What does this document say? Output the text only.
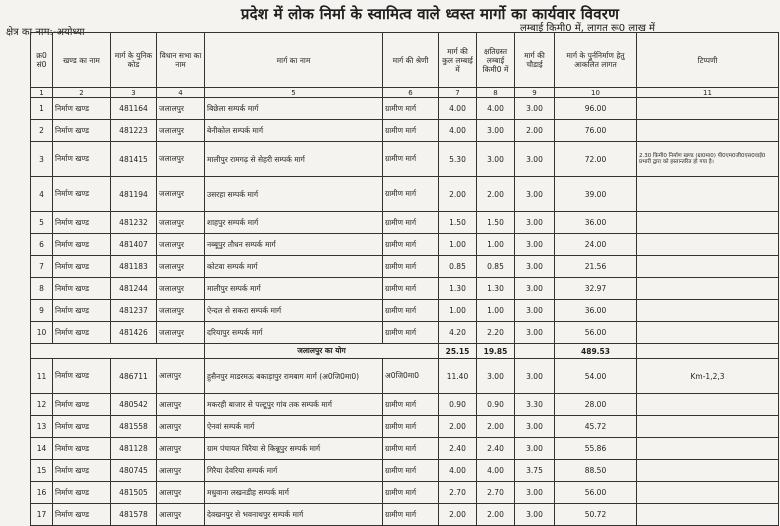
प्रदेश में लोक निर्मा के स्वामित्व वाले ध्वस्त मार्गो का कार्यवार विवरण
लम्बाई किमी0 में, लागत रू0 लाख में
क्षेत्र का नाम:-अयोध्या
क्र0 सं0	खण्ड का नाम	मार्ग के युनिक कोड	विधान सभा का नाम	मार्ग का नाम	मार्ग की श्रेणी	मार्ग की कुल लम्बाई में	क्षतिग्रस्त लम्बाई किमी0 में	मार्ग की चौडाई	मार्ग के पुर्ननिर्माण हेतु आकलित लागत	टिप्पणी
1	2	3	4	5	6	7	8	9	10	11
1	निर्माण खण्ड	481164	जलालपुर	बिछेला सम्पर्क मार्ग	ग्रामीण मार्ग	4.00	4.00	3.00	96.00	
2	निर्माण खण्ड	481223	जलालपुर	बेनीकोल सम्पर्क मार्ग	ग्रामीण मार्ग	4.00	3.00	2.00	76.00	
3	निर्माण खण्ड	481415	जलालपुर	मालीपुर रामगढ़ से सेहरी सम्पर्क मार्ग	ग्रामीण मार्ग	5.30	3.00	3.00	72.00	2.30 किमी0 निर्माण खण्ड (ग्रा0मा0) पी0एम0जी0एस0वाई0 प्रभारी द्वारा को हस्तान्तरित हो गया है।
4	निर्माण खण्ड	481194	जलालपुर	उसरहा सम्पर्क मार्ग	ग्रामीण मार्ग	2.00	2.00	3.00	39.00	
5	निर्माण खण्ड	481232	जलालपुर	शाहपुर सम्पर्क मार्ग	ग्रामीण मार्ग	1.50	1.50	3.00	36.00	
6	निर्माण खण्ड	481407	जलालपुर	नब्बूपुर तौधन सम्पर्क मार्ग	ग्रामीण मार्ग	1.00	1.00	3.00	24.00	
7	निर्माण खण्ड	481183	जलालपुर	कोटवा सम्पर्क मार्ग	ग्रामीण मार्ग	0.85	0.85	3.00	21.56	
8	निर्माण खण्ड	481244	जलालपुर	मालीपुर सम्पर्क मार्ग	ग्रामीण मार्ग	1.30	1.30	3.00	32.97	
9	निर्माण खण्ड	481237	जलालपुर	ऐन्दल से सकरा सम्पर्क मार्ग	ग्रामीण मार्ग	1.00	1.00	3.00	36.00	
10	निर्माण खण्ड	481426	जलालपुर	दरियापुर सम्पर्क मार्ग	ग्रामीण मार्ग	4.20	2.20	3.00	56.00	
				जलालपुर का योग		25.15	19.85		489.53	
11	निर्माण खण्ड	486711	आलापुर	हुसैनपुर माडरमऊ बकाड़ापुर रामबाग मार्ग (अ0जि0मा0)	अ0जि0मा0	11.40	3.00	3.00	54.00	Km-1,2,3
12	निर्माण खण्ड	480542	आलापुर	मकरही बाजार से पल्टूपुर गांव तक सम्पर्क मार्ग	ग्रामीण मार्ग	0.90	0.90	3.30	28.00	
13	निर्माण खण्ड	481558	आलापुर	ऐनवां सम्पर्क मार्ग	ग्रामीण मार्ग	2.00	2.00	3.00	45.72	
14	निर्माण खण्ड	481128	आलापुर	ग्राम पंचायत चिरैया से किन्नूपुर सम्पर्क मार्ग	ग्रामीण मार्ग	2.40	2.40	3.00	55.86	
15	निर्माण खण्ड	480745	आलापुर	गिरैया देवरिया सम्पर्क मार्ग	ग्रामीण मार्ग	4.00	4.00	3.75	88.50	
16	निर्माण खण्ड	481505	आलापुर	मधुवाना लखनडीह सम्पर्क मार्ग	ग्रामीण मार्ग	2.70	2.70	3.00	56.00	
17	निर्माण खण्ड	481578	आलापुर	देवखनपुर से भवनाथपुर सम्पर्क मार्ग	ग्रामीण मार्ग	2.00	2.00	3.00	50.72	
